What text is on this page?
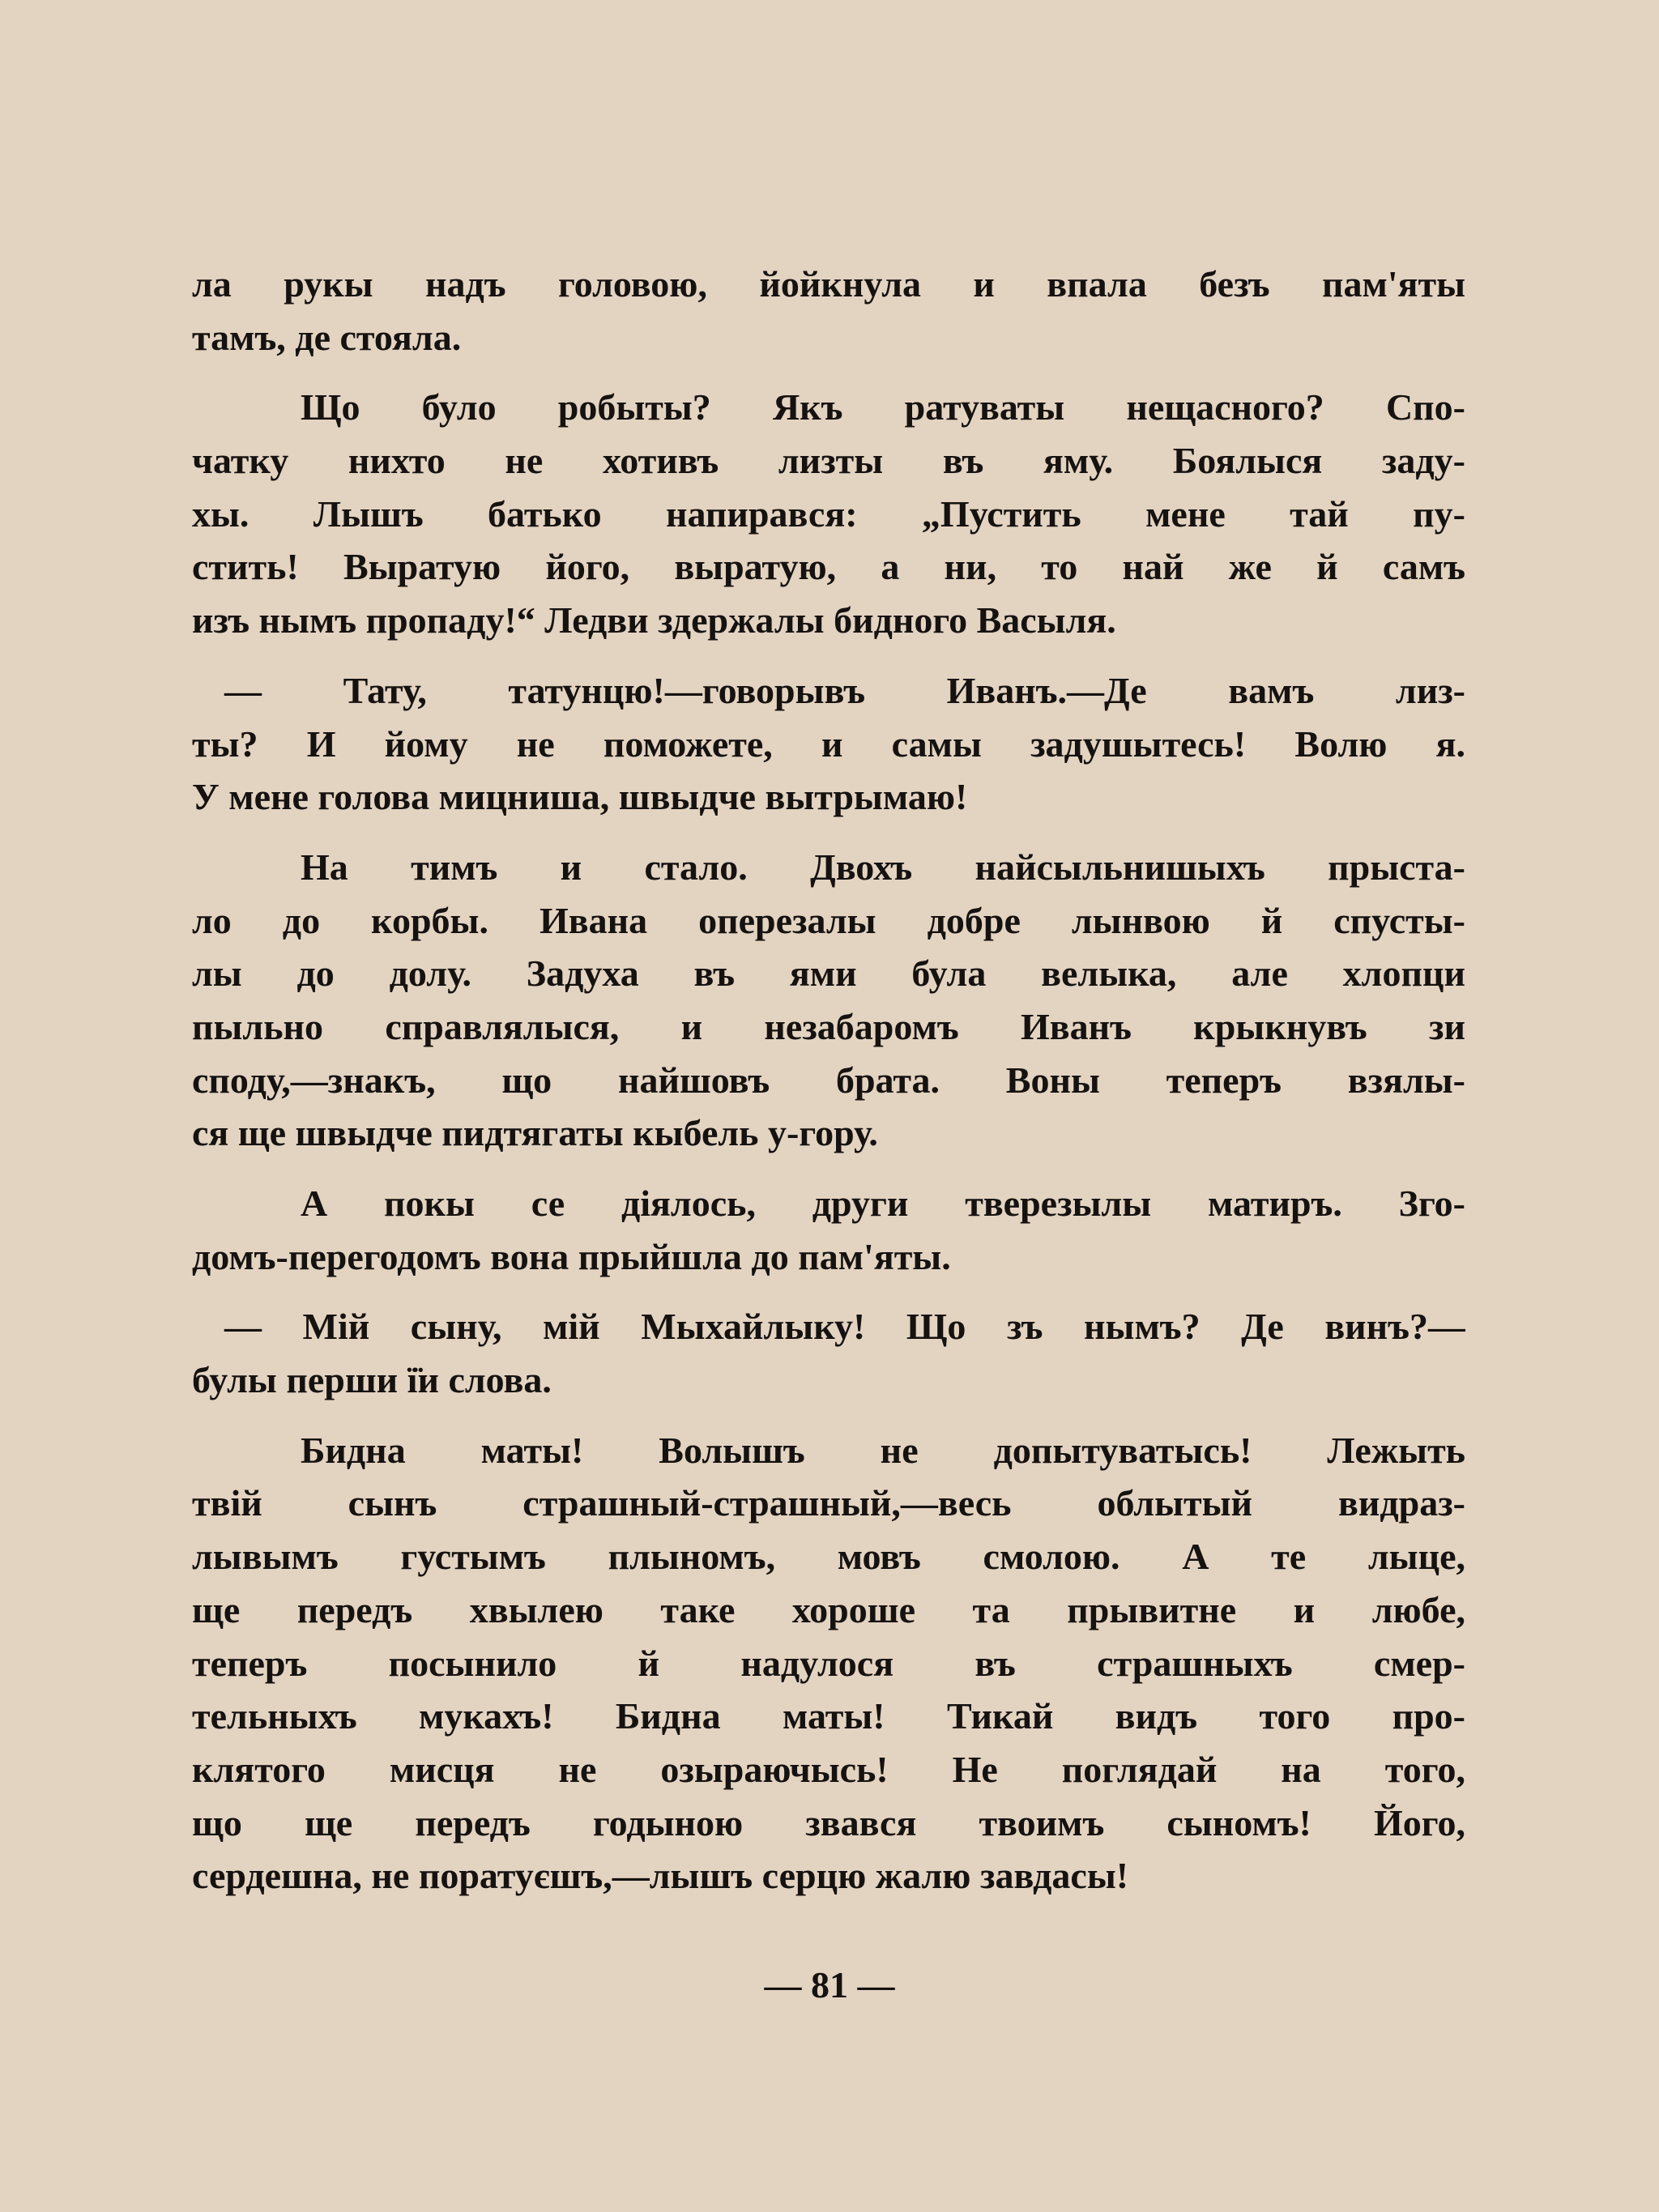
ла рукы надъ головою, йойкнула и впала безъ пам'яты
тамъ, де стояла.
Що було робыты? Якъ ратуваты нещасного? Спо-
чатку нихто не хотивъ лизты въ яму. Боялыся заду-
хы. Лышъ батько напирався: „Пустить мене тай пу-
стить! Выратую його, выратую, а ни, то най же й самъ
изъ нымъ пропаду!“ Ледви здержалы бидного Васыля.
— Тату, татунцю!—говорывъ Иванъ.—Де вамъ лиз-
ты? И йому не поможете, и самы задушытесь! Волю я.
У мене голова мицниша, швыдче вытрымаю!
На тимъ и стало. Двохъ найсыльнишыхъ прыста-
ло до корбы. Ивана оперезалы добре лынвою й спусты-
лы до долу. Задуха въ ями була велыка, але хлопци
пыльно справлялыся, и незабаромъ Иванъ крыкнувъ зи
споду,—знакъ, що найшовъ брата. Воны теперъ взялы-
ся ще швыдче пидтягаты кыбель у-гору.
А покы се діялось, други тверезылы матиръ. Зго-
домъ-перегодомъ вона прыйшла до пам'яты.
— Мій сыну, мій Мыхайлыку! Що зъ нымъ? Де винъ?—
булы перши ї̈и слова.
Бидна маты! Волышъ не допытуватысь! Лежыть
твій сынъ страшный-страшный,—весь облытый видраз-
лывымъ густымъ плыномъ, мовъ смолою. А те лыце,
ще передъ хвылею таке хороше та прывитне и любе,
теперъ посынило й надулося въ страшныхъ смер-
тельныхъ мукахъ! Бидна маты! Тикай видъ того про-
клятого мисця не озыраючысь! Не поглядай на того,
що ще передъ годыною звався твоимъ сыномъ! Його,
сердешна, не поратуєшъ,—лышъ серцю жалю завдасы!
— 81 —
